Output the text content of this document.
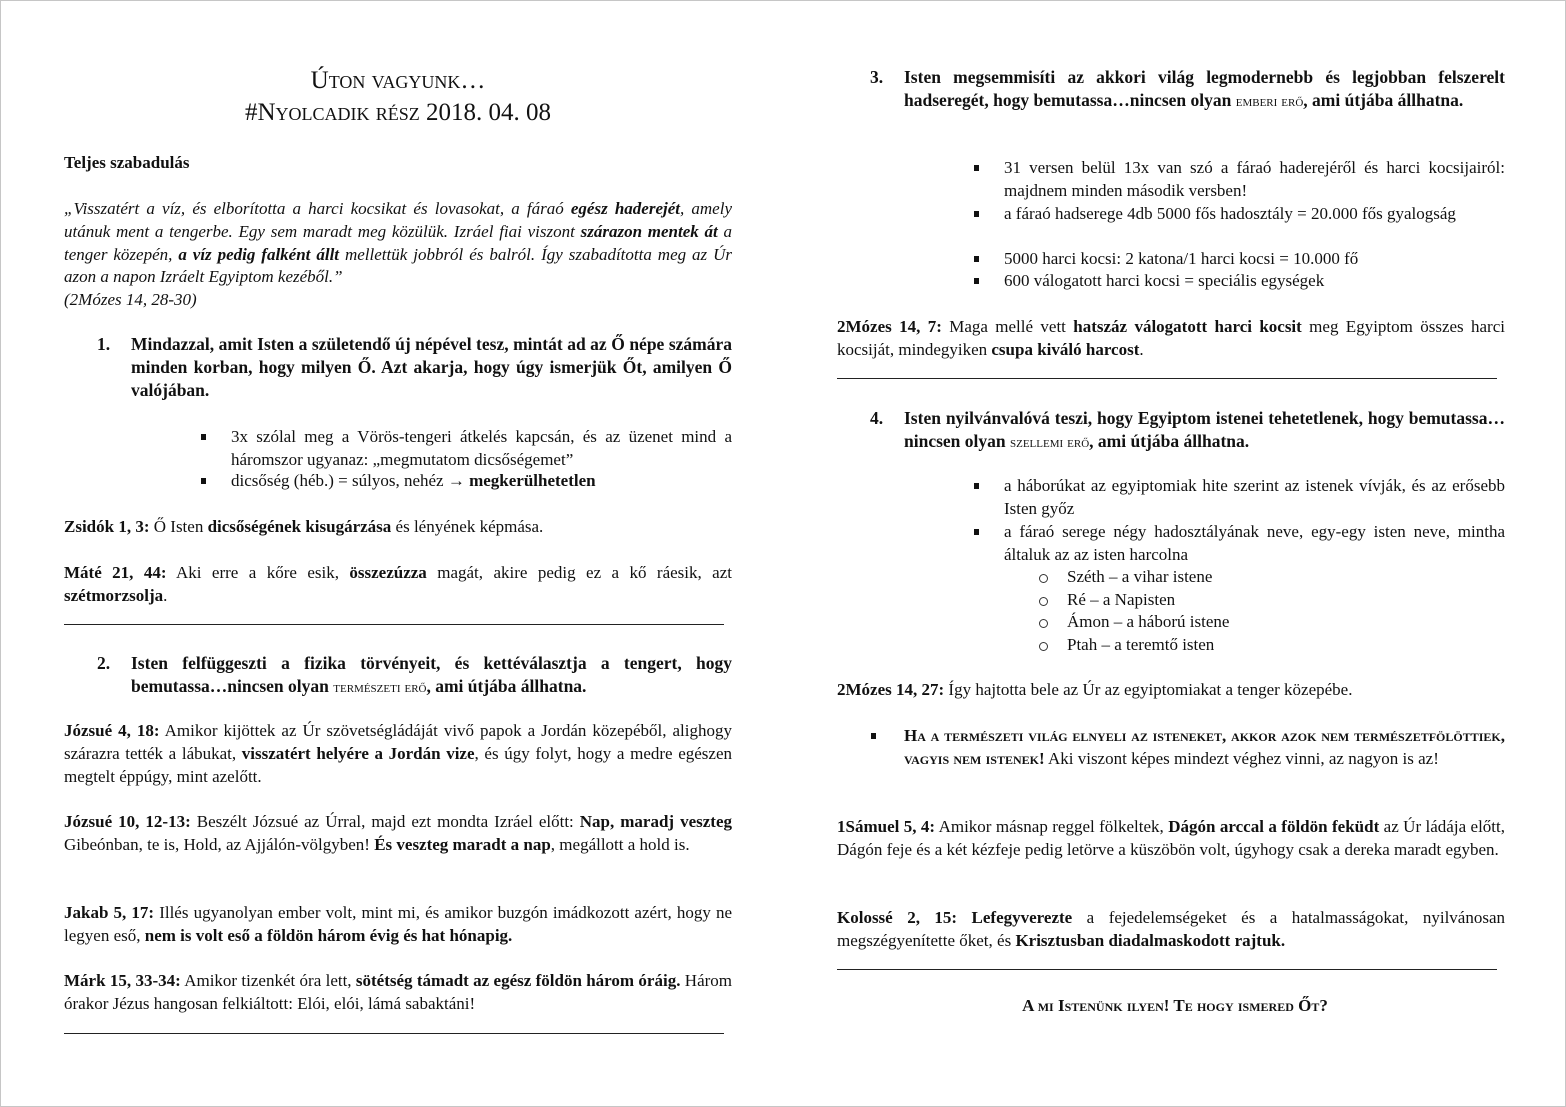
Úton vagyunk…
#Nyolcadik rész 2018. 04. 08
Teljes szabadulás
„Visszatért a víz, és elborította a harci kocsikat és lovasokat, a fáraó egész haderejét, amely utánuk ment a tengerbe. Egy sem maradt meg közülük. Izráel fiai viszont szárazon mentek át a tenger közepén, a víz pedig falként állt mellettük jobbról és balról. Így szabadította meg az Úr azon a napon Izráelt Egyiptom kezéből.”
(2Mózes 14, 28-30)
1. Mindazzal, amit Isten a születendő új népével tesz, mintát ad az Ő népe számára minden korban, hogy milyen Ő. Azt akarja, hogy úgy ismerjük Őt, amilyen Ő valójában.
3x szólal meg a Vörös-tengeri átkelés kapcsán, és az üzenet mind a háromszor ugyanaz: „megmutatom dicsőségemet”
dicsőség (héb.) = súlyos, nehéz → megkerülhetetlen
Zsidók 1, 3: Ő Isten dicsőségének kisugárzása és lényének képmása.
Máté 21, 44: Aki erre a kőre esik, összezúzza magát, akire pedig ez a kő ráesik, azt szétmorzsolja.
2. Isten felfüggeszti a fizika törvényeit, és kettéválasztja a tengert, hogy bemutassa…nincsen olyan természeti erő, ami útjába állhatna.
Józsué 4, 18: Amikor kijöttek az Úr szövetségládáját vivő papok a Jordán közepéből, alighogy szárazra tették a lábukat, visszatért helyére a Jordán vize, és úgy folyt, hogy a medre egészen megtelt éppúgy, mint azelőtt.
Józsué 10, 12-13: Beszélt Józsué az Úrral, majd ezt mondta Izráel előtt: Nap, maradj veszteg Gibeónban, te is, Hold, az Ajjálón-völgyben! És veszteg maradt a nap, megállott a hold is.
Jakab 5, 17: Illés ugyanolyan ember volt, mint mi, és amikor buzgón imádkozott azért, hogy ne legyen eső, nem is volt eső a földön három évig és hat hónapig.
Márk 15, 33-34: Amikor tizenkét óra lett, sötétség támadt az egész földön három óráig. Három órakor Jézus hangosan felkiáltott: Elói, elói, lámá sabaktáni!
3. Isten megsemmisíti az akkori világ legmodernebb és legjobban felszerelt hadseregét, hogy bemutassa…nincsen olyan emberi erő, ami útjába állhatna.
31 versen belül 13x van szó a fáraó haderejéről és harci kocsijairól: majdnem minden második versben!
a fáraó hadserege 4db 5000 fős hadosztály = 20.000 fős gyalogság
5000 harci kocsi: 2 katona/1 harci kocsi = 10.000 fő
600 válogatott harci kocsi = speciális egységek
2Mózes 14, 7: Maga mellé vett hatszáz válogatott harci kocsit meg Egyiptom összes harci kocsiját, mindegyiken csupa kiváló harcost.
4. Isten nyilvánvalóvá teszi, hogy Egyiptom istenei tehetetlenek, hogy bemutassa…nincsen olyan szellemi erő, ami útjába állhatna.
a háborúkat az egyiptomiak hite szerint az istenek vívják, és az erősebb Isten győz
a fáraó serege négy hadosztályának neve, egy-egy isten neve, mintha általuk az az isten harcolna
Széth – a vihar istene
Ré – a Napisten
Ámon – a háború istene
Ptah – a teremtő isten
2Mózes 14, 27: Így hajtotta bele az Úr az egyiptomiakat a tenger közepébe.
Ha a természeti világ elnyeli az isteneket, akkor azok nem természetfölöttiek, vagyis nem istenek! Aki viszont képes mindezt véghez vinni, az nagyon is az!
1Sámuel 5, 4: Amikor másnap reggel fölkeltek, Dágón arccal a földön feküdt az Úr ládája előtt, Dágón feje és a két kézfeje pedig letörve a küszöbön volt, úgyhogy csak a dereka maradt egyben.
Kolossé 2, 15: Lefegyverezte a fejedelemségeket és a hatalmasságokat, nyilvánosan megszégyenítette őket, és Krisztusban diadalmaskodott rajtuk.
A mi Istenünk ilyen! Te hogy ismered Őt?
